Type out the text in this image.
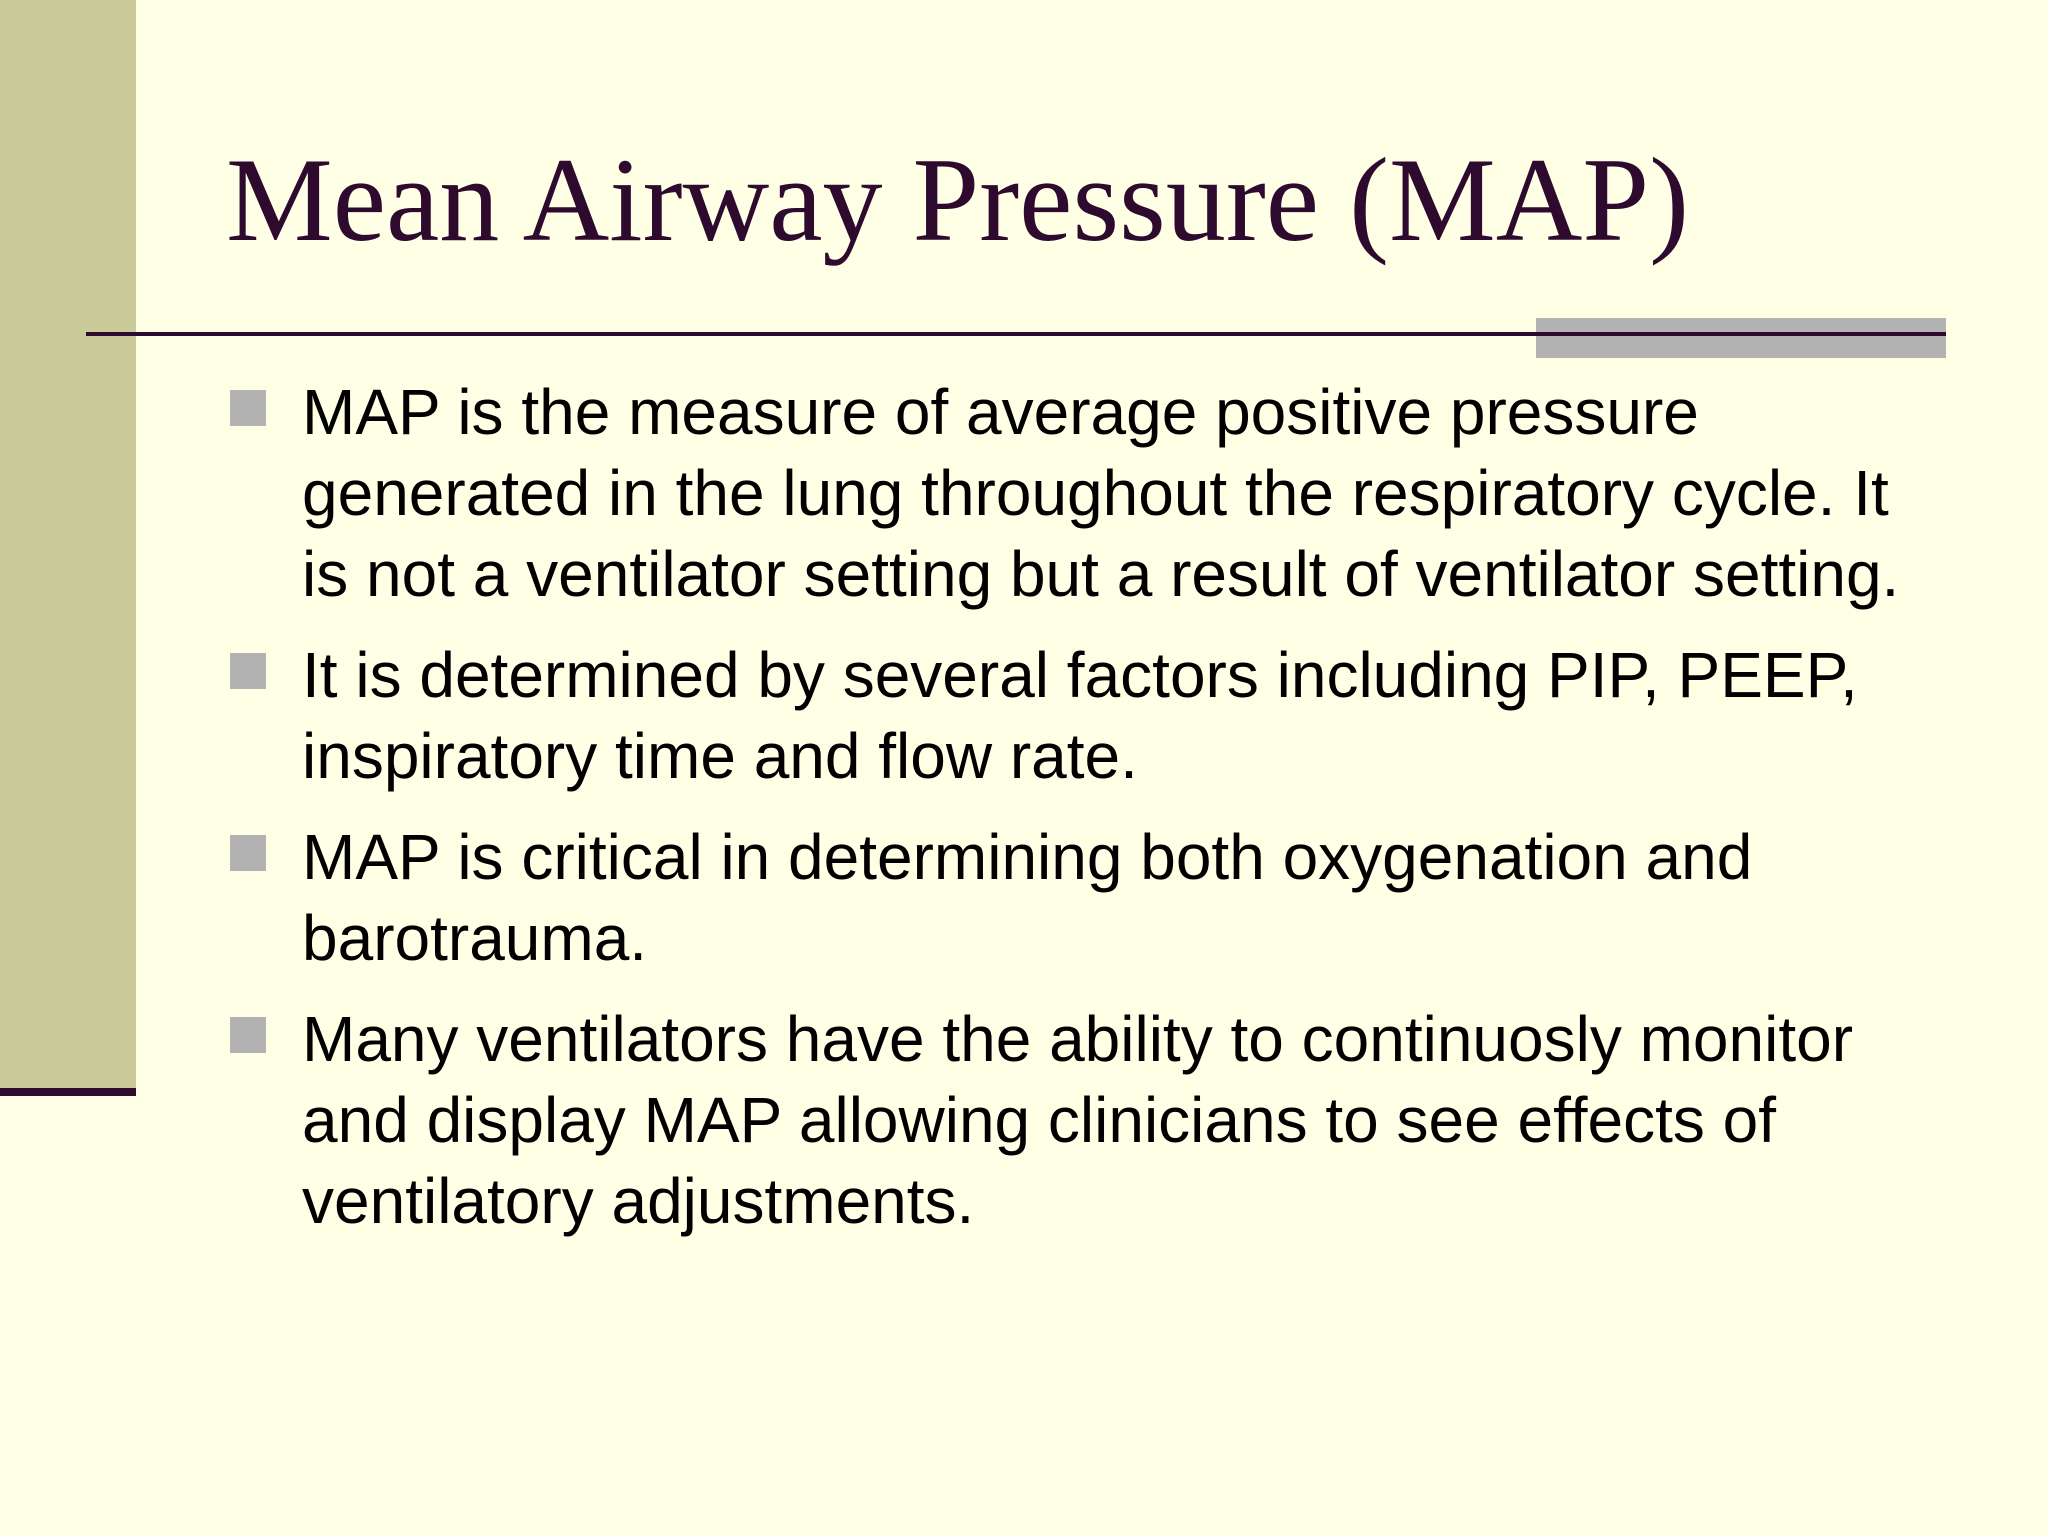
Mean Airway Pressure (MAP)
MAP is the measure of average positive pressure generated in the lung throughout the respiratory cycle. It is not a ventilator setting but a result of ventilator setting.
It is determined by several factors including PIP, PEEP, inspiratory time and flow rate.
MAP is critical in determining both oxygenation and barotrauma.
Many ventilators have the ability to continuosly monitor and display MAP allowing clinicians to see effects of ventilatory adjustments.
